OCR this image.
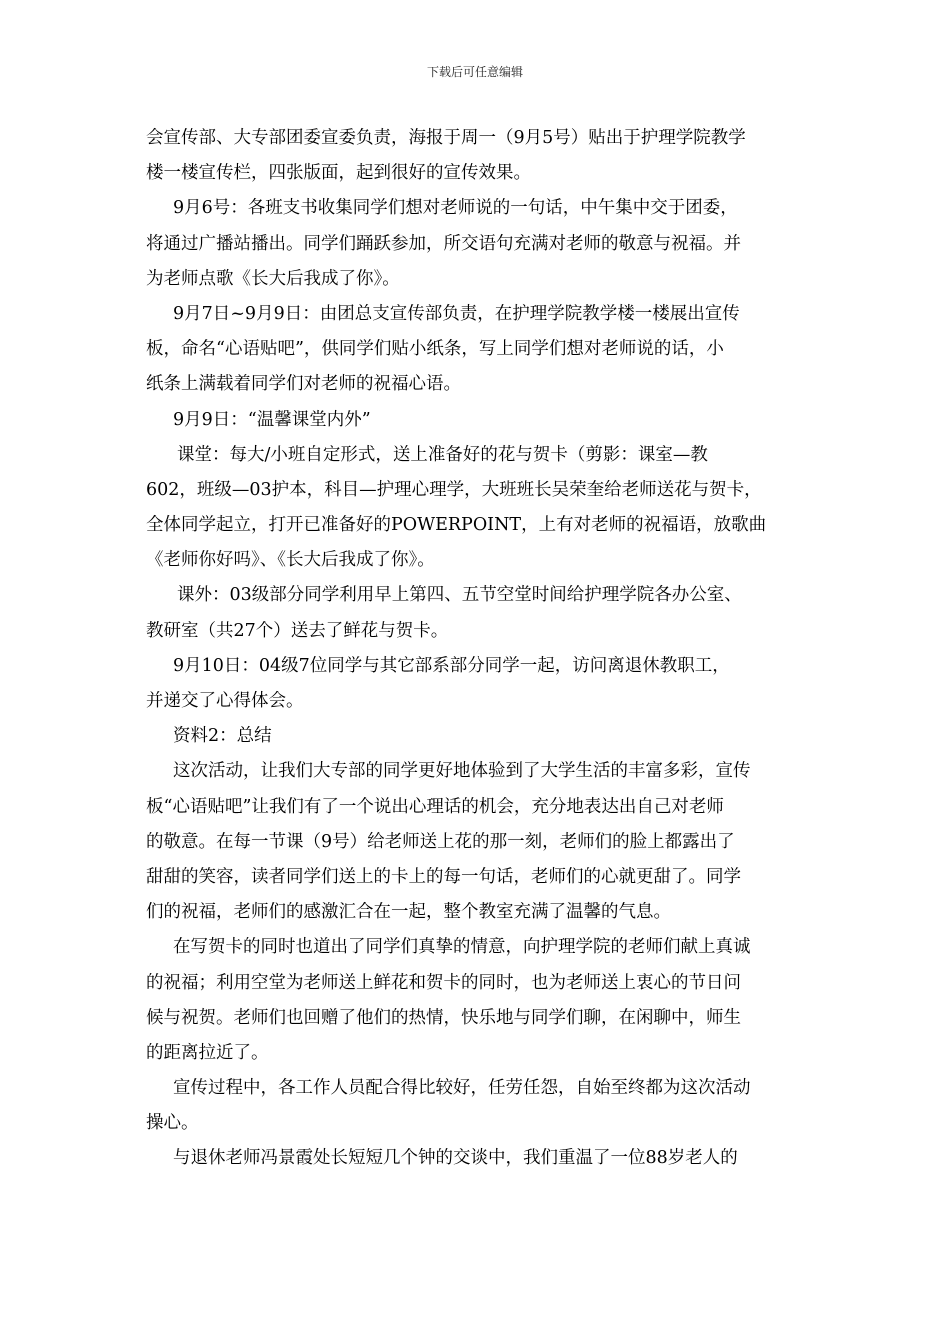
下载后可任意编辑
会宣传部、大专部团委宣委负责，海报于周一（9月5号）贴出于护理学院教学
楼一楼宣传栏，四张版面，起到很好的宣传效果。
9月6号：各班支书收集同学们想对老师说的一句话，中午集中交于团委，
将通过广播站播出。同学们踊跃参加，所交语句充满对老师的敬意与祝福。并
为老师点歌《长大后我成了你》。
9月7日~9月9日：由团总支宣传部负责，在护理学院教学楼一楼展出宣传
板，命名“心语贴吧”，供同学们贴小纸条，写上同学们想对老师说的话，小
纸条上满载着同学们对老师的祝福心语。
9月9日：“温馨课堂内外”
课堂：每大/小班自定形式，送上准备好的花与贺卡（剪影：课室—教
602，班级—03护本，科目—护理心理学，大班班长吴荣奎给老师送花与贺卡，
全体同学起立，打开已准备好的POWERPOINT，上有对老师的祝福语，放歌曲
《老师你好吗》、《长大后我成了你》。
课外：03级部分同学利用早上第四、五节空堂时间给护理学院各办公室、
教研室（共27个）送去了鲜花与贺卡。
9月10日：04级7位同学与其它部系部分同学一起，访问离退休教职工，
并递交了心得体会。
资料2：总结
这次活动，让我们大专部的同学更好地体验到了大学生活的丰富多彩，宣传
板“心语贴吧”让我们有了一个说出心理话的机会，充分地表达出自己对老师
的敬意。在每一节课（9号）给老师送上花的那一刻，老师们的脸上都露出了
甜甜的笑容，读者同学们送上的卡上的每一句话，老师们的心就更甜了。同学
们的祝福，老师们的感激汇合在一起，整个教室充满了温馨的气息。
在写贺卡的同时也道出了同学们真挚的情意，向护理学院的老师们献上真诚
的祝福；利用空堂为老师送上鲜花和贺卡的同时，也为老师送上衷心的节日问
候与祝贺。老师们也回赠了他们的热情，快乐地与同学们聊，在闲聊中，师生
的距离拉近了。
宣传过程中，各工作人员配合得比较好，任劳任怨，自始至终都为这次活动
操心。
与退休老师冯景霞处长短短几个钟的交谈中，我们重温了一位88岁老人的
